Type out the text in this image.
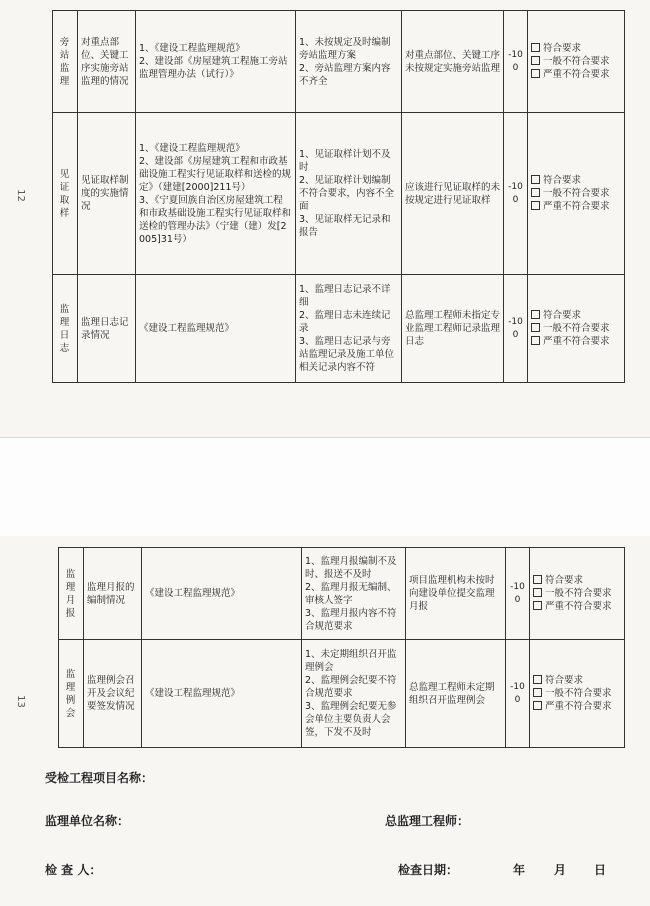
12
旁站监理	对重点部位、关键工序实施旁站监理的情况	1、《建设工程监理规范》
2、建设部《房屋建筑工程施工旁站监理管理办法（试行）》	1、未按规定及时编制旁站监理方案
2、旁站监理方案内容不齐全	对重点部位、关键工序未按规定实施旁站监理	-100	符合要求
一般不符合要求
严重不符合要求

见证取样	见证取样制度的实施情况	1、《建设工程监理规范》
2、建设部《房屋建筑工程和市政基础设施工程实行见证取样和送检的规定》（建建[2000]211号）
3、《宁夏回族自治区房屋建筑工程和市政基础设施工程实行见证取样和送检的管理办法》（宁建（建）发[2005]31号）	1、见证取样计划不及时
2、见证取样计划编制不符合要求，内容不全面
3、见证取样无记录和报告	应该进行见证取样的未按规定进行见证取样	-100	符合要求
一般不符合要求
严重不符合要求

监理日志	监理日志记录情况	《建设工程监理规范》	1、监理日志记录不详细
2、监理日志未连续记录
3、监理日志记录与旁站监理记录及施工单位相关记录内容不符	总监理工程师未指定专业监理工程师记录监理日志	-100	符合要求
一般不符合要求
严重不符合要求
13
监理月报	监理月报的编制情况	《建设工程监理规范》	1、监理月报编制不及时、报送不及时
2、监理月报无编制、审核人签字
3、监理月报内容不符合规范要求	项目监理机构未按时向建设单位提交监理月报	-100	符合要求
一般不符合要求
严重不符合要求

监理例会	监理例会召开及会议纪要签发情况	《建设工程监理规范》	1、未定期组织召开监理例会
2、监理例会纪要不符合规范要求
3、监理例会纪要无参会单位主要负责人会签，下发不及时	总监理工程师未定期组织召开监理例会	-100	符合要求
一般不符合要求
严重不符合要求
受检工程项目名称：
监理单位名称：	总监理工程师：
检 查 人：	检查日期：	年 月 日
